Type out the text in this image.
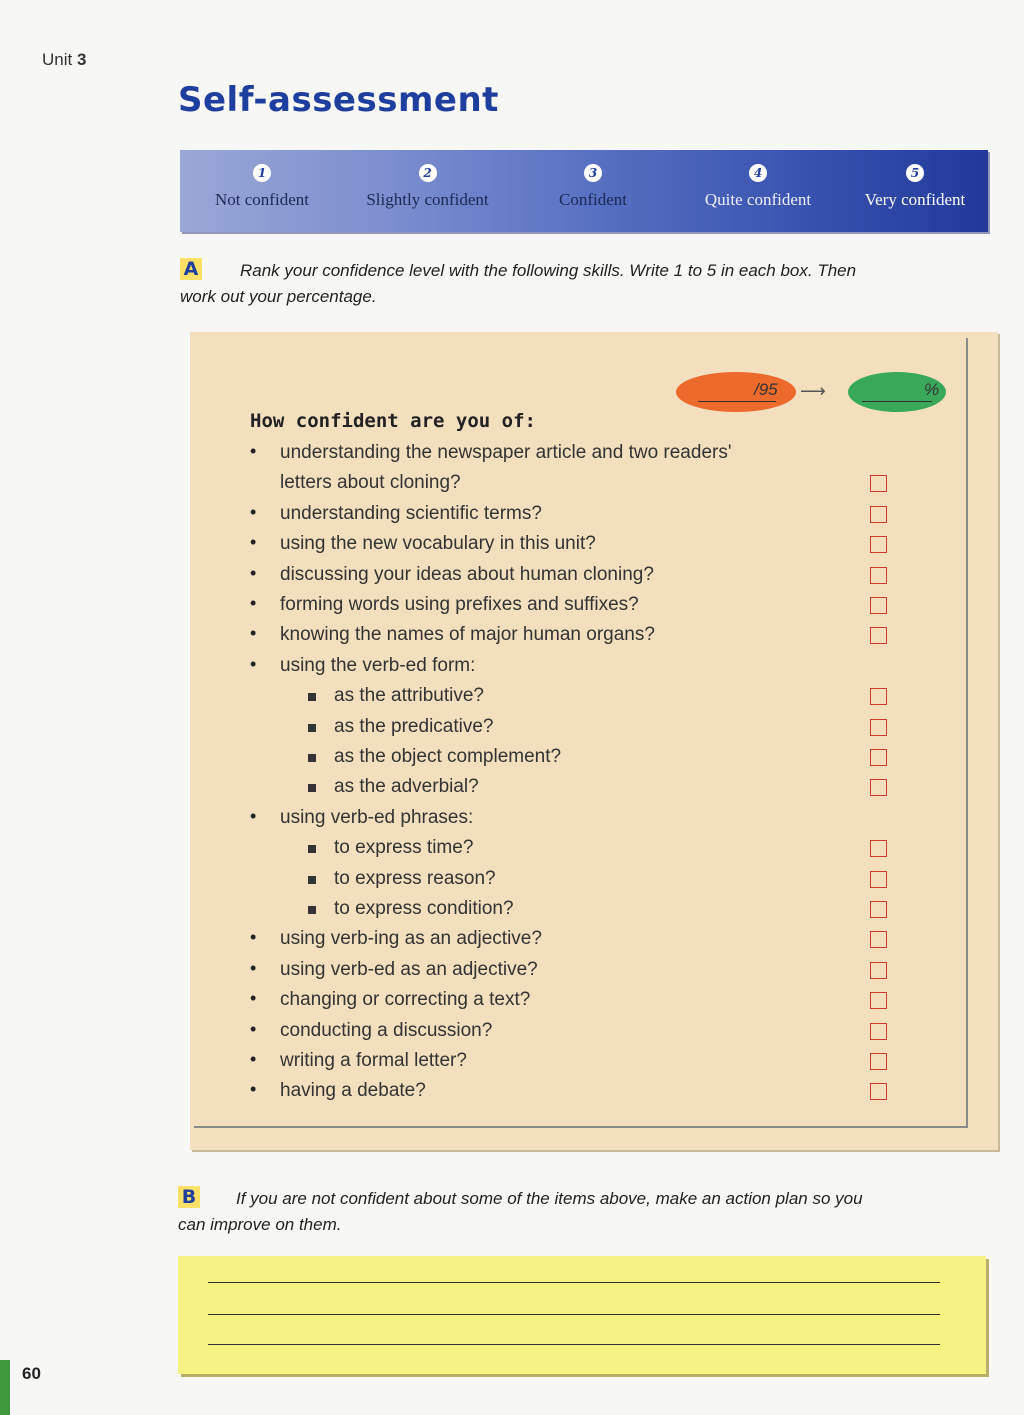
Unit 3
Self-assessment
1
Not confident
2
Slightly confident
3
Confident
4
Quite confident
5
Very confident
A	Rank your confidence level with the following skills. Write 1 to 5 in each box. Then
work out your percentage.
/95 ⟶	%
How confident are you of:
understanding the newspaper article and two readers'
•
letters about cloning?
understanding scientific terms?
•
using the new vocabulary in this unit?
•
discussing your ideas about human cloning?
•
forming words using prefixes and suffixes?
•
knowing the names of major human organs?
•
using the verb-ed form:
•
as the attributive?
as the predicative?
as the object complement?
as the adverbial?
using verb-ed phrases:
•
to express time?
to express reason?
to express condition?
using verb-ing as an adjective?
•
using verb-ed as an adjective?
•
changing or correcting a text?
•
conducting a discussion?
•
writing a formal letter?
•
having a debate?
•
B	If you are not confident about some of the items above, make an action plan so you
can improve on them.
60
